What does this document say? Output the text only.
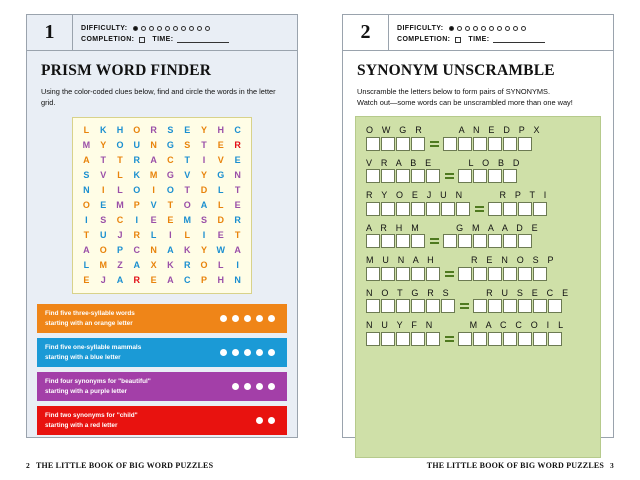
1	DIFFICULTY:
COMPLETION:	TIME:
PRISM WORD FINDER
Using the color-coded clues below, find and circle the words in the letter grid.
L	K	H	O	R	S	E	Y	H	C
M	Y	O	U	N	G	S	T	E	R
A	T	T	R	A	C	T	I	V	E
S	V	L	K	M	G	V	Y	G	N
N	I	L	O	I	O	T	D	L	T
O	E	M	P	V	T	O	A	L	E
I	S	C	I	E	E	M	S	D	R
T	U	J	R	L	I	L	I	E	T
A	O	P	C	N	A	K	Y	W	A
L	M	Z	A	X	K	R	O	L	I
E	J	A	R	E	A	C	P	H	N
Find five three-syllable words
starting with an orange letter
Find five one-syllable mammals
starting with a blue letter
Find four synonyms for "beautiful"
starting with a purple letter
Find two synonyms for "child"
starting with a red letter
2 THE LITTLE BOOK OF BIG WORD PUZZLES
2	DIFFICULTY:
COMPLETION:	TIME:
SYNONYM UNSCRAMBLE
Unscramble the letters below to form pairs of SYNONYMS.
Watch out—some words can be unscrambled more than one way!
O W G R      A N E D P X
V R A B E      L O B D
R Y O E J U N      R P T I
A R H M      G M A A D E
M U N A H      R E N O S P
N O T G R S      R U S E C E
N U Y F N      M A C C O I L
THE LITTLE BOOK OF BIG WORD PUZZLES 3
